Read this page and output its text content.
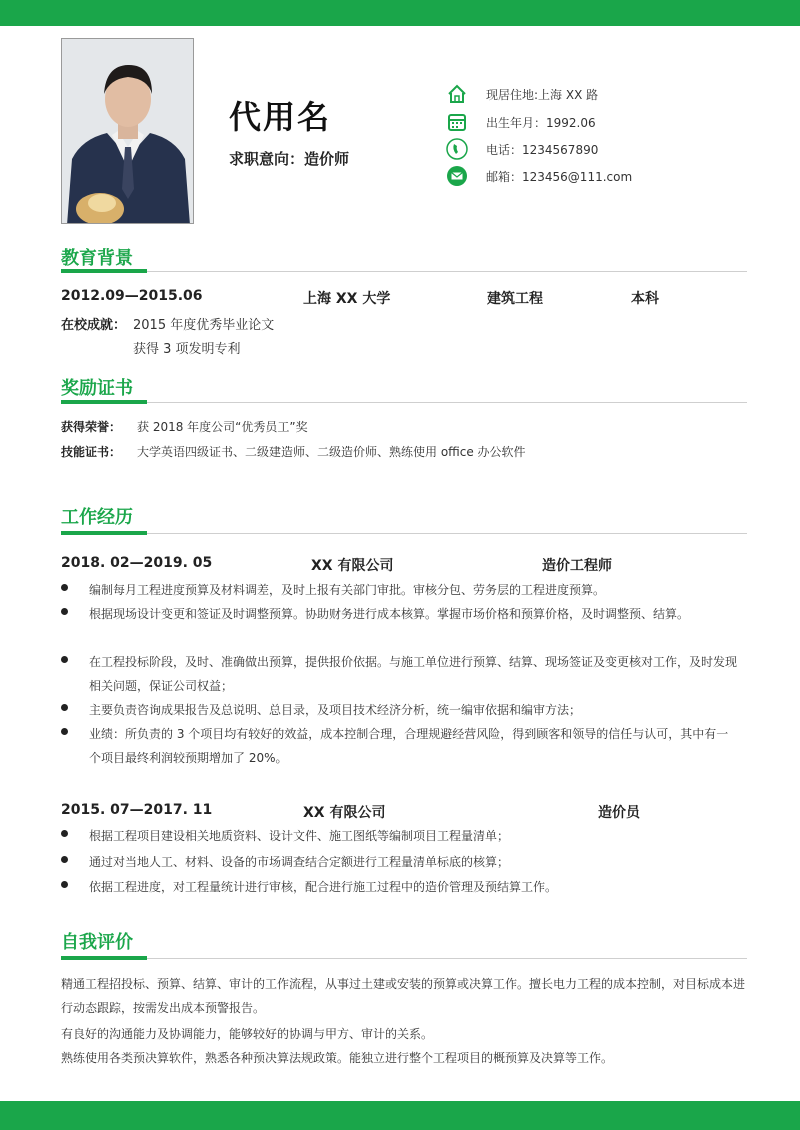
代用名
求职意向：造价师
现居住地:上海 XX 路
出生年月：1992.06
电话：1234567890
邮箱：123456@111.com
教育背景
2012.09—2015.06	上海 XX 大学	建筑工程	本科
在校成就： 2015 年度优秀毕业论文
获得 3 项发明专利
奖励证书
获得荣誉： 获 2018 年度公司“优秀员工”奖
技能证书： 大学英语四级证书、二级建造师、二级造价师、熟练使用 office 办公软件
工作经历
2018. 02—2019. 05	XX 有限公司	造价工程师
编制每月工程进度预算及材料调差，及时上报有关部门审批。审核分包、劳务层的工程进度预算。
根据现场设计变更和签证及时调整预算。协助财务进行成本核算。掌握市场价格和预算价格，及时调整预、结算。
在工程投标阶段，及时、准确做出预算，提供报价依据。与施工单位进行预算、结算、现场签证及变更核对工作，及时发现相关问题，保证公司权益；
主要负责咨询成果报告及总说明、总目录，及项目技术经济分析，统一编审依据和编审方法；
业绩：所负责的 3 个项目均有较好的效益，成本控制合理，合理规避经营风险，得到顾客和领导的信任与认可，其中有一个项目最终利润较预期增加了 20%。
2015. 07—2017. 11	XX 有限公司	造价员
根据工程项目建设相关地质资料、设计文件、施工图纸等编制项目工程量清单；
通过对当地人工、材料、设备的市场调查结合定额进行工程量清单标底的核算；
依据工程进度，对工程量统计进行审核，配合进行施工过程中的造价管理及预结算工作。
自我评价
精通工程招投标、预算、结算、审计的工作流程，从事过土建或安装的预算或决算工作。擅长电力工程的成本控制，对目标成本进行动态跟踪，按需发出成本预警报告。
有良好的沟通能力及协调能力，能够较好的协调与甲方、审计的关系。
熟练使用各类预决算软件，熟悉各种预决算法规政策。能独立进行整个工程项目的概预算及决算等工作。
